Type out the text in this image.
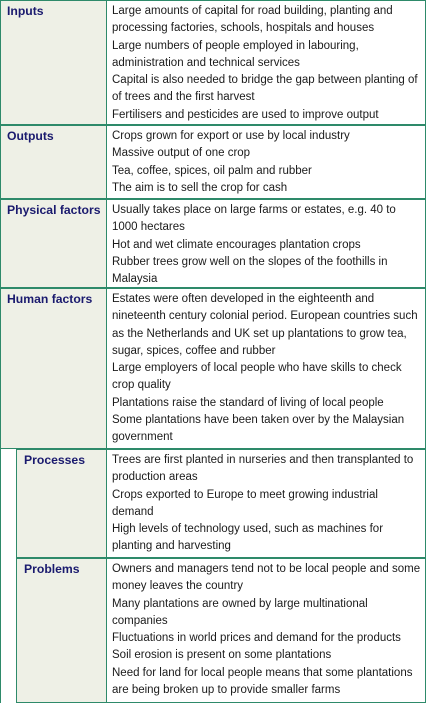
Inputs	Large amounts of capital for road building, planting and
processing factories, schools, hospitals and houses
Large numbers of people employed in labouring,
administration and technical services
Capital is also needed to bridge the gap between planting of
of trees and the first harvest
Fertilisers and pesticides are used to improve output
Outputs	Crops grown for export or use by local industry
Massive output of one crop
Tea, coffee, spices, oil palm and rubber
The aim is to sell the crop for cash
Physical factors	Usually takes place on large farms or estates, e.g. 40 to
1000 hectares
Hot and wet climate encourages plantation crops
Rubber trees grow well on the slopes of the foothills in
Malaysia
Human factors	Estates were often developed in the eighteenth and
nineteenth century colonial period. European countries such
as the Netherlands and UK set up plantations to grow tea,
sugar, spices, coffee and rubber
Large employers of local people who have skills to check
crop quality
Plantations raise the standard of living of local people
Some plantations have been taken over by the Malaysian
government
Processes	Trees are first planted in nurseries and then transplanted to
production areas
Crops exported to Europe to meet growing industrial
demand
High levels of technology used, such as machines for
planting and harvesting
Problems	Owners and managers tend not to be local people and some
money leaves the country
Many plantations are owned by large multinational
companies
Fluctuations in world prices and demand for the products
Soil erosion is present on some plantations
Need for land for local people means that some plantations
are being broken up to provide smaller farms
